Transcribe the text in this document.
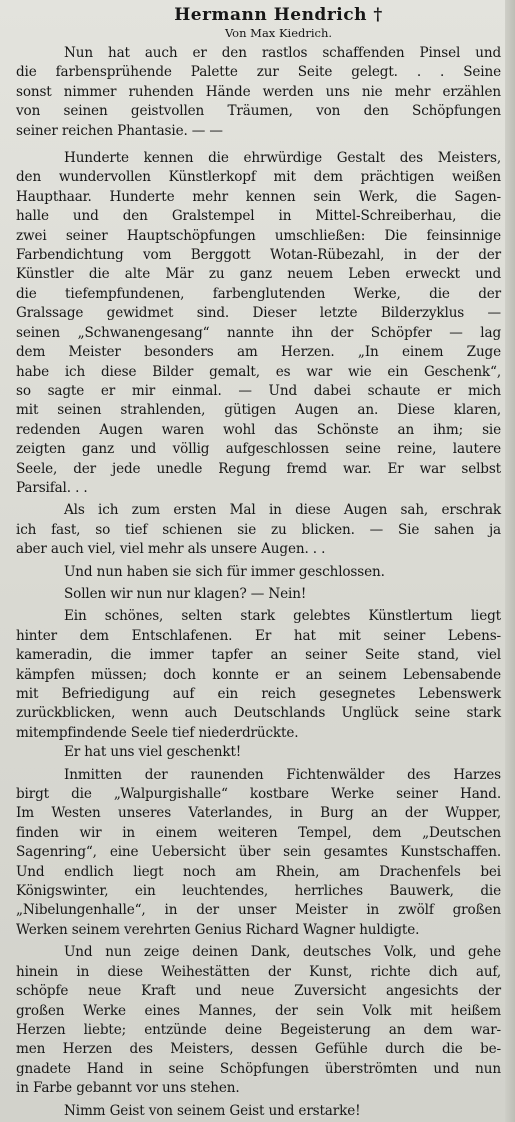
Hermann Hendrich †

Von Max Kiedrich.

Nun hat auch er den rastlos schaffenden Pinsel und
die farbensprühende Palette zur Seite gelegt. . . Seine
sonst nimmer ruhenden Hände werden uns nie mehr erzählen
von seinen geistvollen Träumen, von den Schöpfungen
seiner reichen Phantasie. — —
Hunderte kennen die ehrwürdige Gestalt des Meisters,
den wundervollen Künstlerkopf mit dem prächtigen weißen
Haupthaar. Hunderte mehr kennen sein Werk, die Sagen-
halle und den Gralstempel in Mittel-Schreiberhau, die
zwei seiner Hauptschöpfungen umschließen: Die feinsinnige
Farbendichtung vom Berggott Wotan-Rübezahl, in der der
Künstler die alte Mär zu ganz neuem Leben erweckt und
die tiefempfundenen, farbenglutenden Werke, die der
Gralssage gewidmet sind. Dieser letzte Bilderzyklus —
seinen „Schwanengesang“ nannte ihn der Schöpfer — lag
dem Meister besonders am Herzen. „In einem Zuge
habe ich diese Bilder gemalt, es war wie ein Geschenk“,
so sagte er mir einmal. — Und dabei schaute er mich
mit seinen strahlenden, gütigen Augen an. Diese klaren,
redenden Augen waren wohl das Schönste an ihm; sie
zeigten ganz und völlig aufgeschlossen seine reine, lautere
Seele, der jede unedle Regung fremd war. Er war selbst
Parsifal. . .
Als ich zum ersten Mal in diese Augen sah, erschrak
ich fast, so tief schienen sie zu blicken. — Sie sahen ja
aber auch viel, viel mehr als unsere Augen. . .
Und nun haben sie sich für immer geschlossen.
Sollen wir nun nur klagen? — Nein!
Ein schönes, selten stark gelebtes Künstlertum liegt
hinter dem Entschlafenen. Er hat mit seiner Lebens-
kameradin, die immer tapfer an seiner Seite stand, viel
kämpfen müssen; doch konnte er an seinem Lebensabende
mit Befriedigung auf ein reich gesegnetes Lebenswerk
zurückblicken, wenn auch Deutschlands Unglück seine stark
mitempfindende Seele tief niederdrückte.
Er hat uns viel geschenkt!
Inmitten der raunenden Fichtenwälder des Harzes
birgt die „Walpurgishalle“ kostbare Werke seiner Hand.
Im Westen unseres Vaterlandes, in Burg an der Wupper,
finden wir in einem weiteren Tempel, dem „Deutschen
Sagenring“, eine Uebersicht über sein gesamtes Kunstschaffen.
Und endlich liegt noch am Rhein, am Drachenfels bei
Königswinter, ein leuchtendes, herrliches Bauwerk, die
„Nibelungenhalle“, in der unser Meister in zwölf großen
Werken seinem verehrten Genius Richard Wagner huldigte.
Und nun zeige deinen Dank, deutsches Volk, und gehe
hinein in diese Weihestätten der Kunst, richte dich auf,
schöpfe neue Kraft und neue Zuversicht angesichts der
großen Werke eines Mannes, der sein Volk mit heißem
Herzen liebte; entzünde deine Begeisterung an dem war-
men Herzen des Meisters, dessen Gefühle durch die be-
gnadete Hand in seine Schöpfungen überströmten und nun
in Farbe gebannt vor uns stehen.
Nimm Geist von seinem Geist und erstarke!
